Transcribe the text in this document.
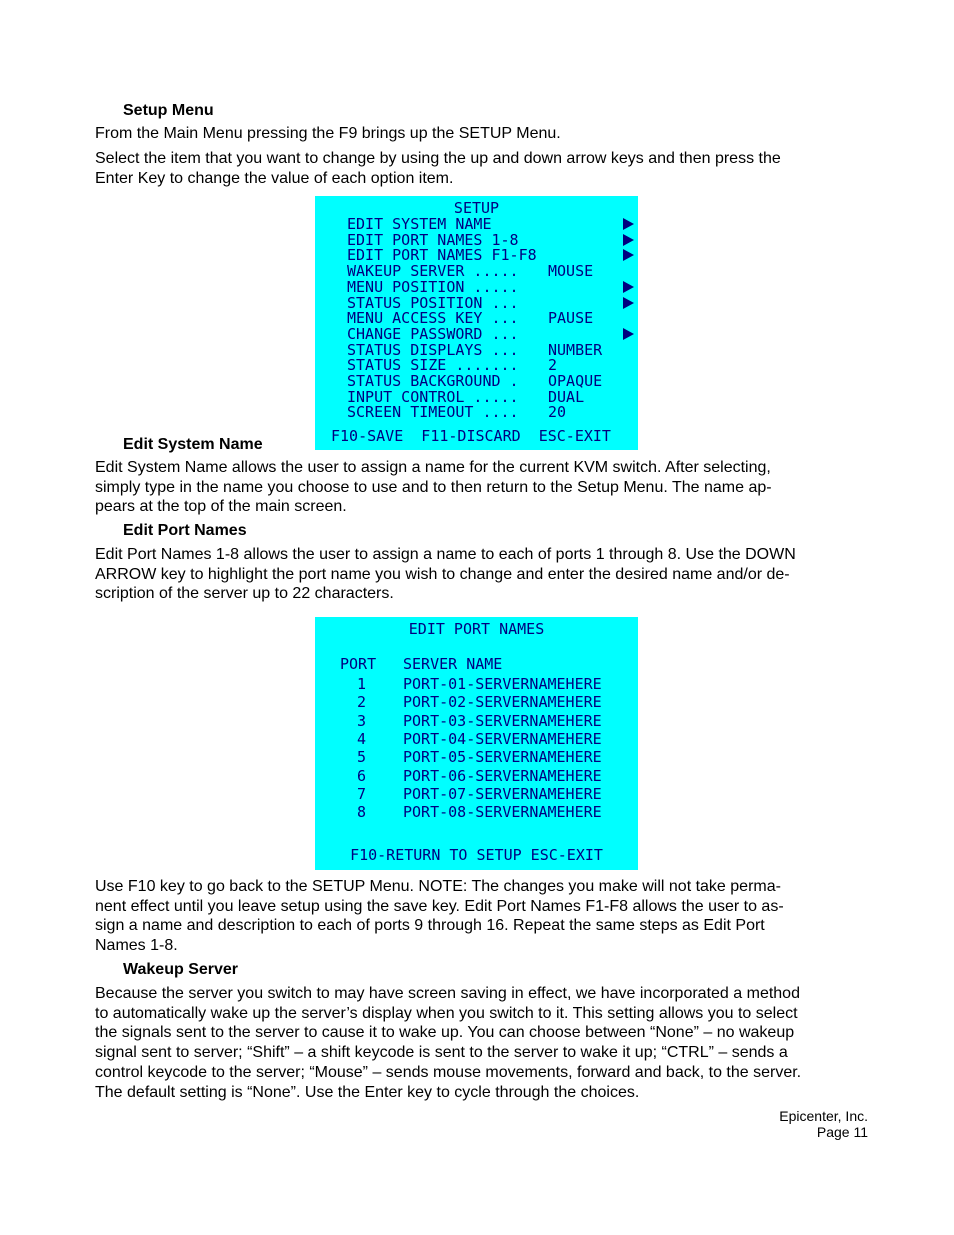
Setup Menu
From the Main Menu pressing the F9 brings up the SETUP Menu.
Select the item that you want to change by using the up and down arrow keys and then press the
Enter Key to change the value of each option item.
SETUP
EDIT SYSTEM NAME
EDIT PORT NAMES 1-8
EDIT PORT NAMES F1-F8
WAKEUP SERVER ..... MOUSE
MENU POSITION .....
STATUS POSITION ...
MENU ACCESS KEY ... PAUSE
CHANGE PASSWORD ...
STATUS DISPLAYS ... NUMBER
STATUS SIZE ....... 2
STATUS BACKGROUND . OPAQUE
INPUT CONTROL ..... DUAL
SCREEN TIMEOUT .... 20
F10-SAVE  F11-DISCARD  ESC-EXIT
Edit System Name
Edit System Name allows the user to assign a name for the current KVM switch. After selecting,
simply type in the name you choose to use and to then return to the Setup Menu. The name ap-
pears at the top of the main screen.
Edit Port Names
Edit Port Names 1-8 allows the user to assign a name to each of ports 1 through 8. Use the DOWN
ARROW key to highlight the port name you wish to change and enter the desired name and/or de-
scription of the server up to 22 characters.
EDIT PORT NAMES
PORT SERVER NAME
1 PORT-01-SERVERNAMEHERE
2 PORT-02-SERVERNAMEHERE
3 PORT-03-SERVERNAMEHERE
4 PORT-04-SERVERNAMEHERE
5 PORT-05-SERVERNAMEHERE
6 PORT-06-SERVERNAMEHERE
7 PORT-07-SERVERNAMEHERE
8 PORT-08-SERVERNAMEHERE
F10-RETURN TO SETUP ESC-EXIT
Use F10 key to go back to the SETUP Menu. NOTE: The changes you make will not take perma-
nent effect until you leave setup using the save key. Edit Port Names F1-F8 allows the user to as-
sign a name and description to each of ports 9 through 16. Repeat the same steps as Edit Port
Names 1-8.
Wakeup Server
Because the server you switch to may have screen saving in effect, we have incorporated a method
to automatically wake up the server’s display when you switch to it. This setting allows you to select
the signals sent to the server to cause it to wake up. You can choose between “None” – no wakeup
signal sent to server; “Shift” – a shift keycode is sent to the server to wake it up; “CTRL” – sends a
control keycode to the server; “Mouse” – sends mouse movements, forward and back, to the server.
The default setting is “None”. Use the Enter key to cycle through the choices.
Epicenter, Inc.
Page 11
